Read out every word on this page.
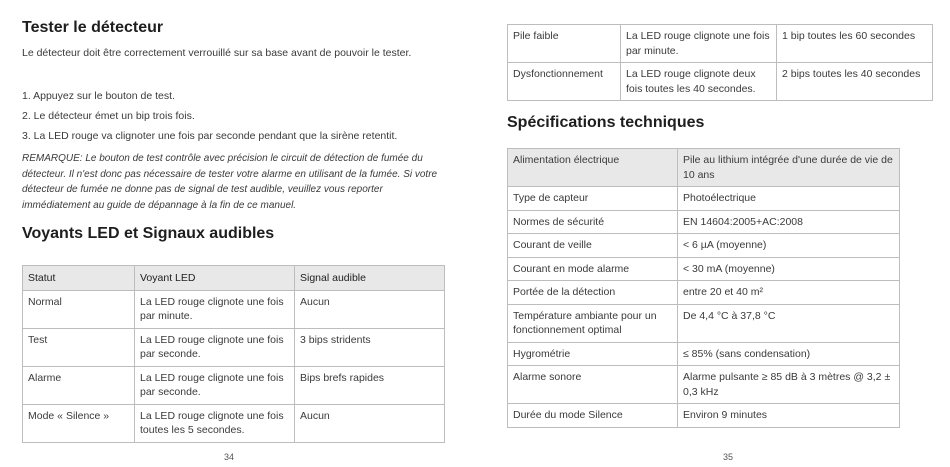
Tester le détecteur

Le détecteur doit être correctement verrouillé sur sa base avant de pouvoir le tester.

1. Appuyez sur le bouton de test.
2. Le détecteur émet un bip trois fois.
3. La LED rouge va clignoter une fois par seconde pendant que la sirène retentit.

REMARQUE: Le bouton de test contrôle avec précision le circuit de détection de fumée du détecteur. Il n'est donc pas nécessaire de tester votre alarme en utilisant de la fumée. Si votre détecteur de fumée ne donne pas de signal de test audible, veuillez vous reporter immédiatement au guide de dépannage à la fin de ce manuel.

Voyants LED et Signaux audibles
Statut	Voyant LED	Signal audible
Normal	La LED rouge clignote une fois par minute.	Aucun
Test	La LED rouge clignote une fois par seconde.	3 bips stridents
Alarme	La LED rouge clignote une fois par seconde.	Bips brefs rapides
Mode « Silence »	La LED rouge clignote une fois toutes les 5 secondes.	Aucun
34
Pile faible	La LED rouge clignote une fois par minute.	1 bip toutes les 60 secondes
Dysfonctionnement	La LED rouge clignote deux fois toutes les 40 secondes.	2 bips toutes les 40 secondes
Spécifications techniques
Alimentation électrique	Pile au lithium intégrée d'une durée de vie de 10 ans
Type de capteur	Photoélectrique
Normes de sécurité	EN 14604:2005+AC:2008
Courant de veille	< 6 µA (moyenne)
Courant en mode alarme	< 30 mA (moyenne)
Portée de la détection	entre 20 et 40 m²
Température ambiante pour un fonctionnement optimal	De 4,4 °C à 37,8 °C
Hygrométrie	≤ 85% (sans condensation)
Alarme sonore	Alarme pulsante ≥ 85 dB à 3 mètres @ 3,2 ± 0,3 kHz
Durée du mode Silence	Environ 9 minutes
35
